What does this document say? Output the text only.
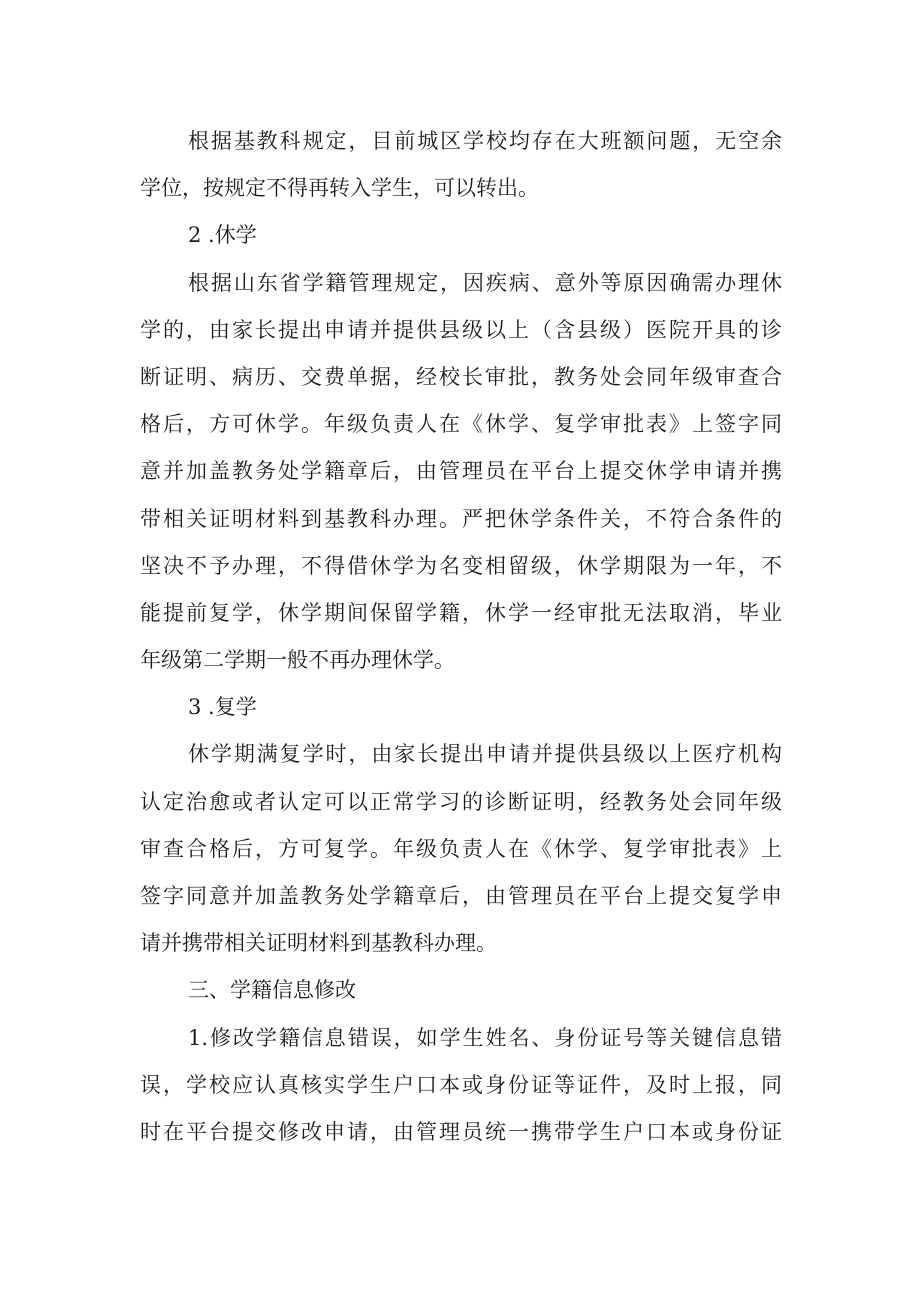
根据基教科规定，目前城区学校均存在大班额问题，无空余
学位，按规定不得再转入学生，可以转出。
2 .休学
根据山东省学籍管理规定，因疾病、意外等原因确需办理休
学的，由家长提出申请并提供县级以上（含县级）医院开具的诊
断证明、病历、交费单据，经校长审批，教务处会同年级审查合
格后，方可休学。年级负责人在《休学、复学审批表》上签字同
意并加盖教务处学籍章后，由管理员在平台上提交休学申请并携
带相关证明材料到基教科办理。严把休学条件关，不符合条件的
坚决不予办理，不得借休学为名变相留级，休学期限为一年，不
能提前复学，休学期间保留学籍，休学一经审批无法取消，毕业
年级第二学期一般不再办理休学。
3 .复学
休学期满复学时，由家长提出申请并提供县级以上医疗机构
认定治愈或者认定可以正常学习的诊断证明，经教务处会同年级
审查合格后，方可复学。年级负责人在《休学、复学审批表》上
签字同意并加盖教务处学籍章后，由管理员在平台上提交复学申
请并携带相关证明材料到基教科办理。
三、学籍信息修改
1.修改学籍信息错误，如学生姓名、身份证号等关键信息错
误，学校应认真核实学生户口本或身份证等证件，及时上报，同
时在平台提交修改申请，由管理员统一携带学生户口本或身份证
